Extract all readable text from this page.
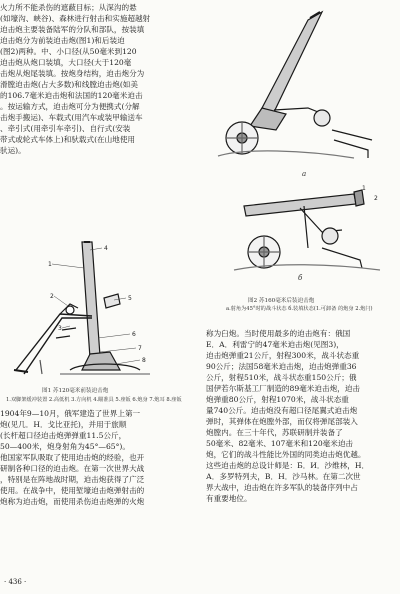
火力所不能杀伤的遮蔽目标；从深沟的悬

(如壕沟、峡谷)、森林进行射击和实施超越射

迫击炮主要装备陆军的分队和部队，按装填

迫击炮分为前装迫击炮(图1)和后装迫

(图2)两种。中、小口径(从50毫米到120

迫击炮从炮口装填，大口径(大于120毫

击炮从炮尾装填。按炮身结构，迫击炮分为

滑膛迫击炮(占大多数)和线膛迫击炮(如美

的106.7毫米迫击炮和法国的120毫米迫击

。按运输方式，迫击炮可分为便携式(分解

击炮手搬运)、车载式(用汽车或装甲输送车

、牵引式(用牵引车牵引)、自行式(安装

带式或轮式车体上)和驮载式(在山地使用

驮运)。

4
1
2
3
5
6
7
8
图1 苏120毫米前装迫击炮
1.双脚架缓冲装置 2.高低机 3.方向机 4.瞄准具 5.座钣 6.炮身 7.炮耳 8.座钣

1904年9—10月，俄军建造了世界上第一

炮(见几．H．戈比亚托)，并用于旅顺

(长杆超口径迫击炮弹弹重11.5公斤，

50—400米，炮身射角为45°—65°)。

他国家军队吸取了使用迫击炮的经验，也开

研制各种口径的迫击炮。在第一次世界大战

，特别是在阵地战时期，迫击炮获得了广泛

使用。在战争中，使用堑壕迫击炮弹射击的

炮称为迫击炮，而使用杀伤迫击炮弹的火炮

1
2
а
б
图2 苏160毫米后装迫击炮
a.射角为45°时的战斗状态 б.装填状态(1.可卸备 的炮身 2.炮闩)

称为臼炮。当时使用最多的迫击炮有：俄国

E．A．利雷宁的47毫米迫击炮(见图3)，

迫击炮弹重21公斤，射程300米，战斗状态重

90公斤；法国58毫米迫击炮，迫击炮弹重36

公斤，射程510米，战斗状态重150公斤；俄

国伊若尔斯基工厂制造的89毫米迫击炮，迫击

炮弹重80公斤，射程1070米，战斗状态重

量740公斤。迫击炮没有超口径尾翼式迫击炮

弹时，其弹体在炮膛外部，而仅将弹尾部装入

炮膛内。在三十年代，苏联研制并装备了

50毫米、82毫米、107毫米和120毫米迫击

炮，它们的战斗性能比外国的同类迫击炮优越。

这些迫击炮的总设计师是：Б．И．沙维林，Н．

А．多罗特列夫，В．Н．沙马林。在第二次世

界大战中，迫击炮在许多军队的装备序列中占

有重要地位。

· 436 ·
